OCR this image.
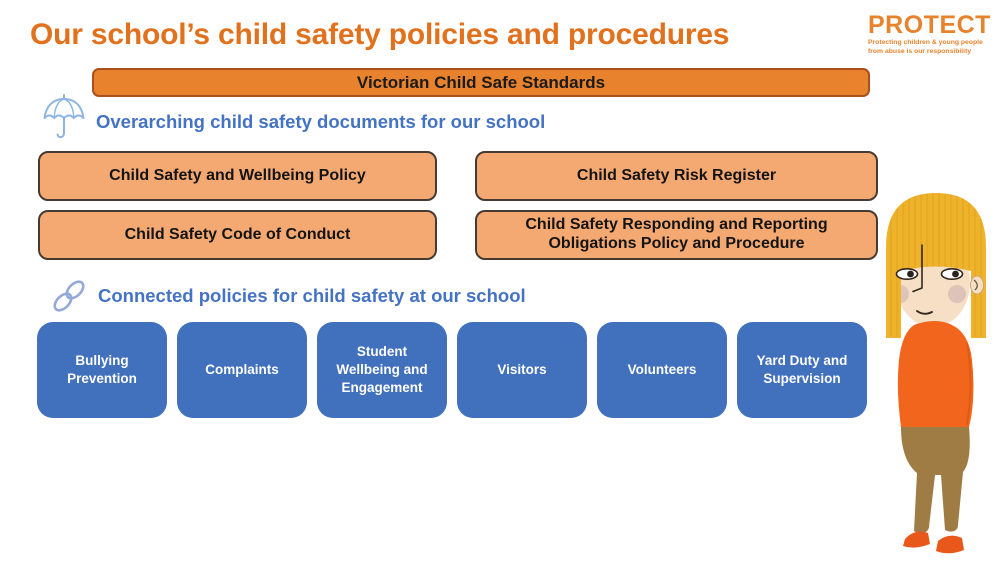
Our school’s child safety policies and procedures	PROTECT
Protecting children & young people
from abuse is our responsibility
Victorian Child Safe Standards
Overarching child safety documents for our school
Child Safety and Wellbeing Policy	Child Safety Risk Register
Child Safety Code of Conduct
Child Safety Responding and Reporting Obligations Policy and Procedure
Connected policies for child safety at our school
Bullying Prevention
Complaints
Student Wellbeing and Engagement
Visitors	Volunteers
Yard Duty and Supervision
